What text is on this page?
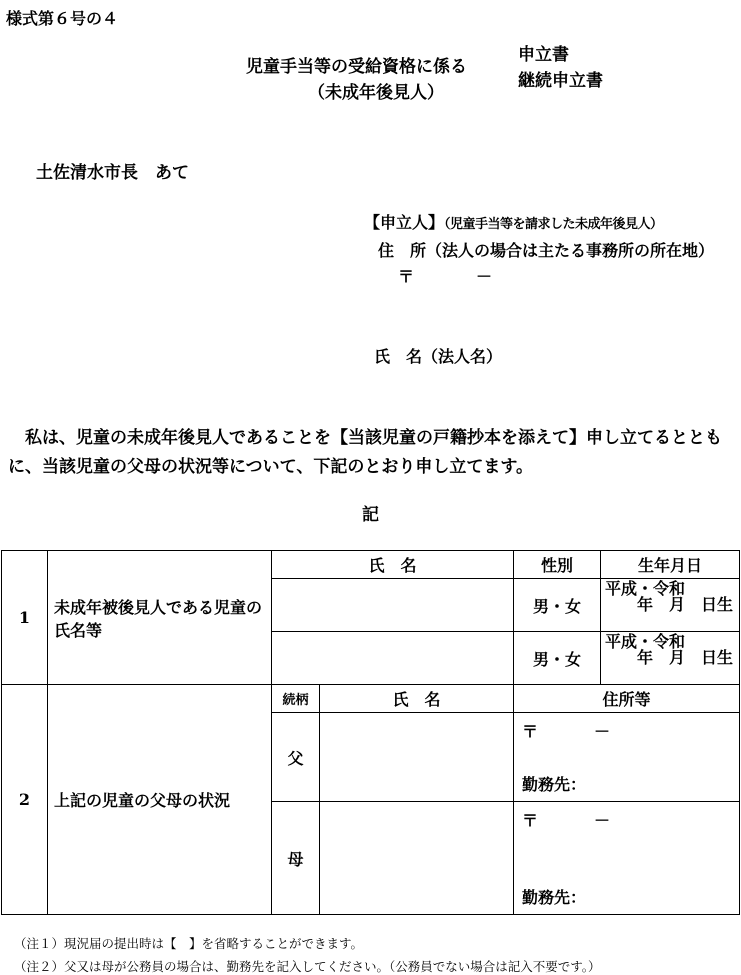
様式第６号の４
児童手当等の受給資格に係る
（未成年後見人）
申立書
継続申立書
土佐清水市長　あて
【申立人】（児童手当等を請求した未成年後見人）
住　所（法人の場合は主たる事務所の所在地）
〒	－
氏　名（法人名）
　私は、児童の未成年後見人であることを【当該児童の戸籍抄本を添えて】申し立てるとともに、当該児童の父母の状況等について、下記のとおり申し立てます。
記
1	未成年被後見人である児童の氏名等	氏　名		性別	生年月日
				男・女	平成・令和
年　月　日生

				男・女	平成・令和
年　月　日生

2	上記の児童の父母の状況	続柄	氏　名	住所等	
		父		〒 －
勤務先：	

		母		〒 －
勤務先：	
（注１）現況届の提出時は【　】を省略することができます。
（注２）父又は母が公務員の場合は、勤務先を記入してください。（公務員でない場合は記入不要です。）
